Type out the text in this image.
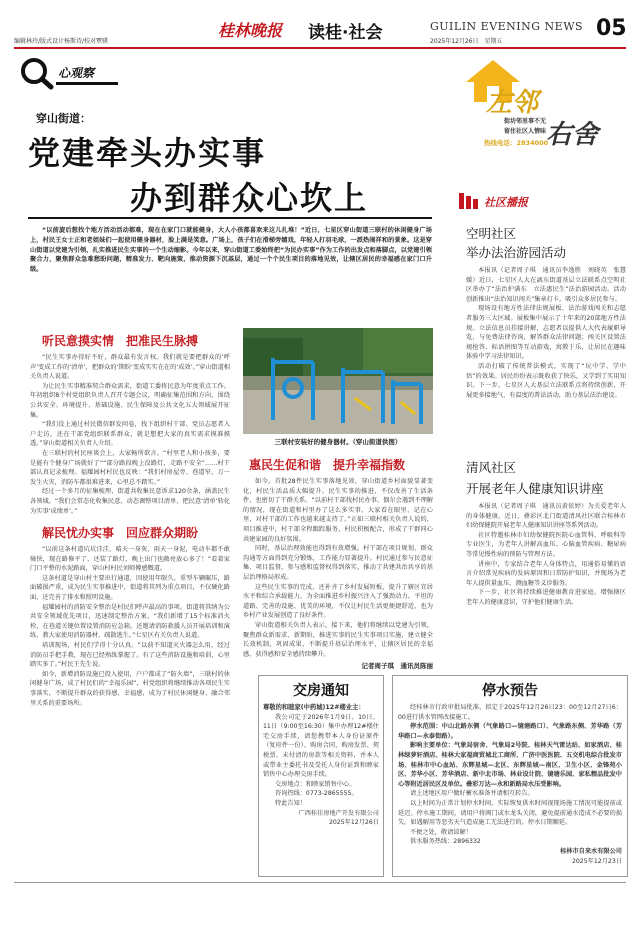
编辑林玲/版式设计杨斯诗/校对覃骐
桂林晚报 读桂·社会	GUILIN EVENING NEWS
2025年12月26日　星期五
05
心观察
穿山街道：
党建牵头办实事
办到群众心坎上
“以前旋后想找个地方活动活动都难，现在在家门口就能健身，大人小孩都喜欢来这儿扎堆！”近日，七星区穿山街道三联村的休闲健身广场上，村民王女士正和老姐妹们一起使用健身器材，脸上满是笑意。广场上，孩子们在滑梯旁嬉戏，年轻人打羽毛球，一派热闹祥和的景象。这是穿山街道以党建为引领，扎实推进民生实事的一个生动缩影。今年以来，穿山街道工委始终把“为民办实事”作为工作的出发点和落脚点，以党建引领聚合力，聚焦群众急难愁盼问题，精准发力、靶向施策，推动资源下沉基层，通过一个个民生项目的落地见效，让辖区居民的幸福感在家门口升级。
听民意摸实情　把准民生脉搏

“民生实事办得好不好，群众最有发言权。我们就是要把群众的‘呼声’变成工作的‘清单’，把群众的‘期盼’变成实实在在的‘成效’。”穿山街道相关负责人说道。

为让民生实事精准契合群众需求，街道工委将民意为年度重点工作。年初组织8个村党组织负责人召开专题会议，明确征集范围和方向，围绕公共安全、环境提升、基础设施、民生保障及公共文化五大领域展开征集。

“我们没上通过村民微信群发问卷，找下组织村干部、党员志愿者入户走访，还在干部党组织联系群众，就是想把大家的真实需求摸准摸透。”穿山街道相关负责人介绍。

在三联村的村民座谈会上，大家畅所欲言。“村里老人和小孩多，要是能有个健身广场就好了”“部分路段晚上没路灯，走路不安全”……村干部认真记录梳理。福耀园村村民也反映：“我们村房屋旁、巷道窄，万一发生火灾，消防车都很难进来，心里总不踏实。”

经过一个多月的征集梳理，街道共收集民意诉求120余条，涵盖民生各领域。“我们会常态化收集民意，动态调整项目清单，把民意‘清单’转化为实事‘成绩单’。”

解民忧办实事　回应群众期盼

“以前这条村道坑坑洼洼，晴天一身灰、雨天一身泥，电动车都不敢骑快，现在路修平了，还装了路灯，晚上出门也敞亮放心多了！”看着家门口平整的水泥路面，穿山村村民刘师傅感慨道。

这条村道是穿山村主要出行通道，因使用年限久、重型车辆碾压，路面破损严重，成为民生实事推进中，街道将其列为重点项目，不仅硬化路面，还完善了排水和照明设施。

福耀园村的消防安全整治是村民们呼声最高的事项。街道将其纳为公共安全领域优先项目，迅速制定整治方案，“我们新增了15个标准消火栓，在巷道关键位置设置消防应急箱，还邀请消防救援人员开展培训和演练，教大家使用消防器材、疏散逃生。”七星区有关负责人说道。

培训现场，村民们学得十分认真。“以前不知道灭火器怎么用，经过消防员手把手教，现在已经熟练掌握了。有了这些消防设施和培训，心里踏实多了。”村民王先生说。

如今，新增消防设施已投入使用，户户都成了“防火墙”，三联村的休闲健身广场，成了村民们的“幸福乐园”，村党组织将继续推动各项民生实事落实，不断提升群众的获得感、幸福感，成为了村民休闲健身、融合邻里关系的重要场所。

三联村安装好的健身器材。（穿山街道供图）
惠民生促和谐　提升幸福指数

如今，首批28件民生实事落地见效，穿山街道乡村面貌显著变化，村民生活品质大幅提升。民生实事的推进，不仅改善了生活条件，也密切了干群关系。“以前村干部找村民办事，偶尔会遇到不理解的情况，现在街道和村里办了这么多实事，大家看在眼里、记在心里，对村干部的工作也越来越支持了。”正如三联村相关负责人说的，项目推进中，村干部全程跟踪服务，村民积极配合，形成了干群同心共建家园的良好氛围。

同时，基层治理效能也得到有效增强。村干部在项目规划、群众沟通等方面得到充分锻炼，工作能力显著提升。村民通过参与民意征集、项目监督，参与感和监督权得到落实，推动了共建共治共享的基层治理格局形成。

这些民生实事的完成，还补齐了乡村发展短板，提升了辖区宜居水平和综合承载能力，为全面推进乡村振兴注入了强劲动力。平坦的道路、完善的设施、优美的环境，不仅让村民生活更便捷舒适，也为乡村产业发展创造了良好条件。

穿山街道相关负责人表示，接下来，他们将继续以党建为引领，聚焦群众新需求、新期盼，推进实事的民生实事项目实施，建立健全长效机制，巩固成果，不断提升基层治理水平，让辖区居民的幸福感、获得感和安全感持续攀升。

记者周子琪　通讯员陈丽
左邻
右舍
街坊邻里事不无
留住社区人情味
热线电话：2834000
社区播报
空明社区
举办法治游园活动

本报讯（记者周子琪　通讯员李逸胜　刘晓英　张慧媛）近日，七星区人大在漓东街道基层立法联系点空明社区举办了“法治护满东　立法惠民生”法治游园活动。活动创新推出“法治知识闯关”集章打卡，吸引众多居民参与。

现场设有地方性法律法规展板、法治游戏闯关和志愿者服务三大区域。展板集中展示了十年来的20部地方性法规。立法信息员挂接讲解，志愿者以提供人大代表履职导览、与免费法律咨询，解答群众法律问题；闯关区设置法规抢答、标语拼图等互动游戏，寓教于乐，让居民在趣味体验中学习法律知识。

活动打破了传统普法模式，实现了“玩中学、学中悟”的效果。居民纷纷表示既收获了快乐，又学到了实用知识。下一步，七星区人大基层立法联系点将持续创新，开展更多接地气、有温度的普法活动，助力基层法治建设。

清风社区
开展老年人健康知识讲座

本报讯（记者周子琪　通讯员黄依婷）为关爱老年人的身体健康，近日，叠彩区北门街道清风社区联合桂林市妇幼保健院开展老年人健康知识讲座等系列活动。

社区特邀桂林市妇幼保健院医院心血管科、呼吸科等专业医生，为老年人讲解高血压、心脑血管疾病、糖尿病等常见慢性病的预防与管理方法。

讲座中，专家结合老年人身体特点，用通俗易懂的语言介绍常见疾病的发病原因和日常防护知识，并现场为老年人提供量血压、测血糖等义诊服务。

下一步，社区将持续推进健康教育进家庭，增强辖区老年人的健康意识，守护他们健康生活。

交房通知
尊敬的和睦家(中药城)12#楼业主：
我公司定于2026年1月9日、10日、11日（9:00至16:30）集中办理12#楼住宅交房手续，请您携带本人身份证原件（复印件一份）、购房合同、购房发票、契税票、未付清的房款等相关资料，并本人或带业主委托书及受托人身份证到和睦家销售中心办理交房手续。
交房地点：和睦家销售中心。
咨询热线：0773-2865555。
特此告知！
广西桂佳房地产开发有限公司
2025年12月26日
停水预告

经桂林市行政审批局批准，拟定于2025年12月26日23：00至12月27日6：00进行供水管网改接施工。

停水范围：中山北路东侧（气象路口—镜塘路口）、气象路东侧、芳华路（芳华路口—永泰街路）。

影响主要单位：气象局宿舍、气象局2号院、桂林天气雷达站、如家酒店、桂林绿萝轩酒店、桂林大家福商贸城北工商所、广济中医医院、五交机电综合批发市场、桂林市中心血站、东辉星城—北区、东辉星城—南区、卫生小区、金锋苑小区、芳华小区、芳华酒店、新中北市场、林业设计院、镜塘乐园、家私精品批发中心等附近居民区及单位。叠彩万达—永和新路局水压受影响。

请上述地区用户做好蓄水准备并请相互转告。

以上时间为正常计划停水时间，实际恢复供水时间视现场施工情况可能提前或延迟。停水施工期间，请用户将阀门或水龙头关闭，避免提前通水造成不必要的损失。如遇解用等恶劣天气造成施工无法进行的，停水日期顺延。

不便之处，敬请谅解！

供水服务热线：2896332

桂林市自来水有限公司
2025年12月23日
